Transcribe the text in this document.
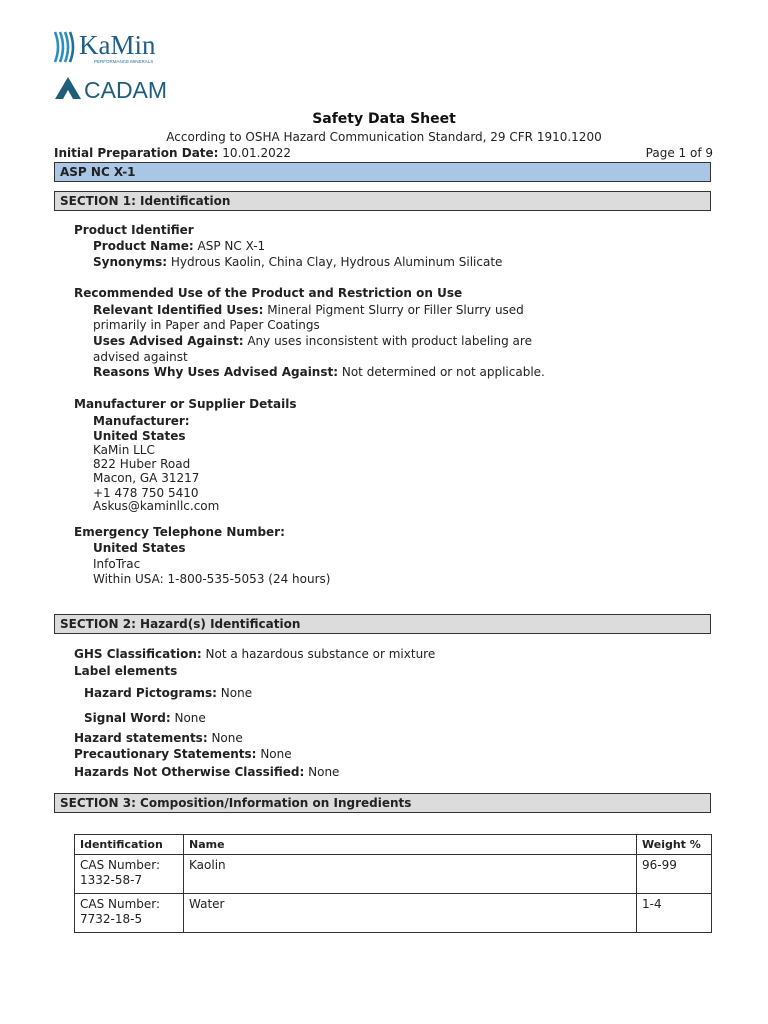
KaMin
PERFORMANCE MINERALS
CADAM
Safety Data Sheet
According to OSHA Hazard Communication Standard, 29 CFR 1910.1200
Initial Preparation Date: 10.01.2022	Page 1 of 9
ASP NC X-1
SECTION 1: Identification
Product Identifier
Product Name: ASP NC X-1
Synonyms: Hydrous Kaolin, China Clay, Hydrous Aluminum Silicate
Recommended Use of the Product and Restriction on Use
Relevant Identified Uses: Mineral Pigment Slurry or Filler Slurry used
primarily in Paper and Paper Coatings
Uses Advised Against: Any uses inconsistent with product labeling are
advised against
Reasons Why Uses Advised Against: Not determined or not applicable.
Manufacturer or Supplier Details
Manufacturer:
United States
KaMin LLC
822 Huber Road
Macon, GA 31217
+1 478 750 5410
Askus@kaminllc.com
Emergency Telephone Number:
United States
InfoTrac
Within USA: 1-800-535-5053 (24 hours)
SECTION 2: Hazard(s) Identification
GHS Classification: Not a hazardous substance or mixture
Label elements
Hazard Pictograms: None
Signal Word: None
Hazard statements: None
Precautionary Statements: None
Hazards Not Otherwise Classified: None
SECTION 3: Composition/Information on Ingredients
Identification	Name	Weight %
CAS Number:
1332-58-7	Kaolin	96-99
CAS Number:
7732-18-5	Water	1-4
